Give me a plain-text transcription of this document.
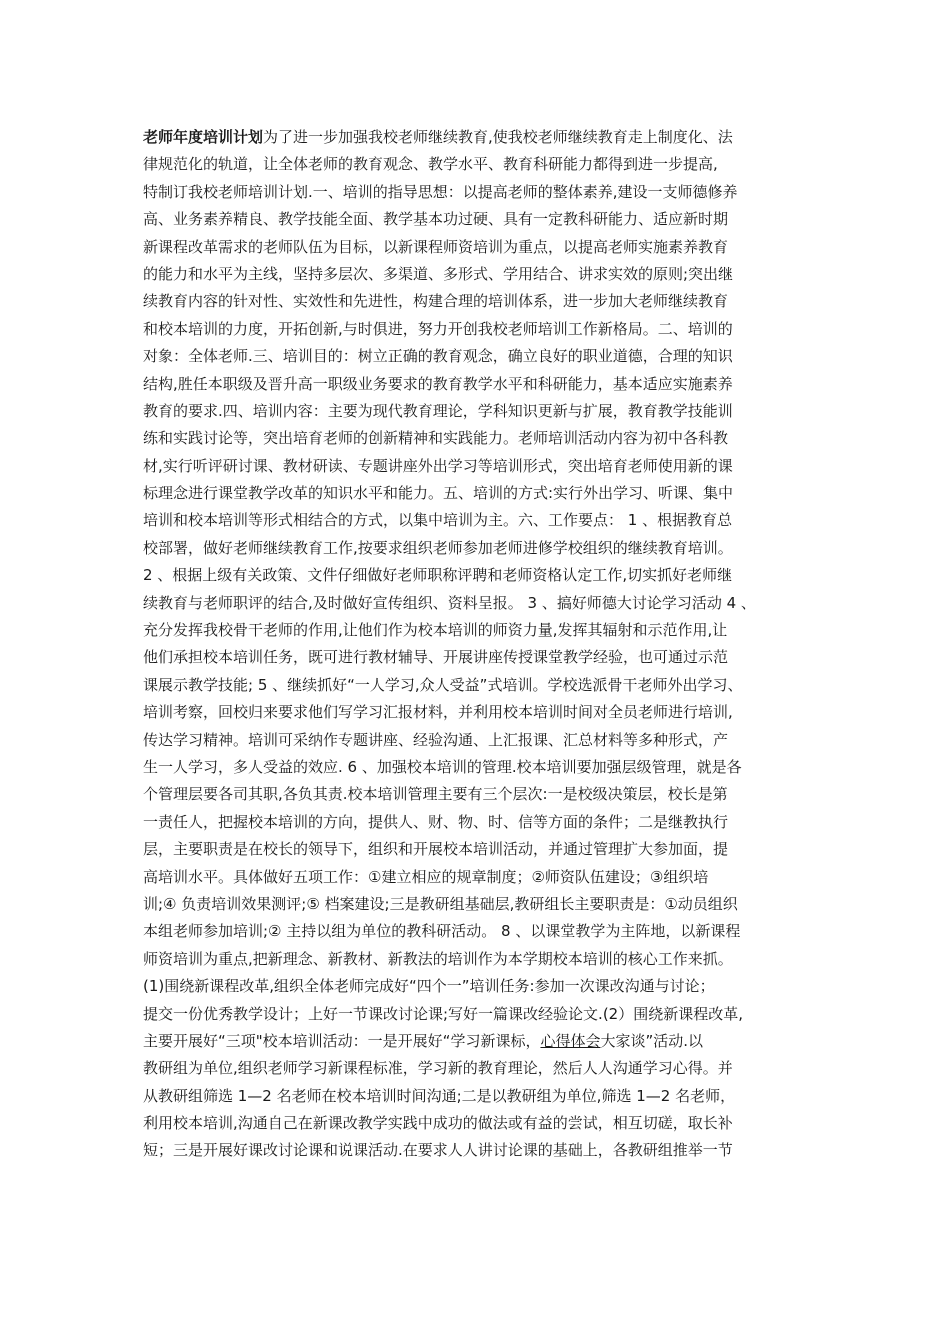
老师年度培训计划为了进一步加强我校老师继续教育,使我校老师继续教育走上制度化、法
律规范化的轨道，让全体老师的教育观念、教学水平、教育科研能力都得到进一步提高,
特制订我校老师培训计划.一、培训的指导思想：以提高老师的整体素养,建设一支师德修养
高、业务素养精良、教学技能全面、教学基本功过硬、具有一定教科研能力、适应新时期
新课程改革需求的老师队伍为目标，以新课程师资培训为重点，以提高老师实施素养教育
的能力和水平为主线，坚持多层次、多渠道、多形式、学用结合、讲求实效的原则;突出继
续教育内容的针对性、实效性和先进性，构建合理的培训体系，进一步加大老师继续教育
和校本培训的力度，开拓创新,与时俱进，努力开创我校老师培训工作新格局。二、培训的
对象：全体老师.三、培训目的：树立正确的教育观念，确立良好的职业道德，合理的知识
结构,胜任本职级及晋升高一职级业务要求的教育教学水平和科研能力，基本适应实施素养
教育的要求.四、培训内容：主要为现代教育理论，学科知识更新与扩展，教育教学技能训
练和实践讨论等，突出培育老师的创新精神和实践能力。老师培训活动内容为初中各科教
材,实行听评研讨课、教材研读、专题讲座外出学习等培训形式，突出培育老师使用新的课
标理念进行课堂教学改革的知识水平和能力。五、培训的方式:实行外出学习、听课、集中
培训和校本培训等形式相结合的方式，以集中培训为主。六、工作要点： 1 、根据教育总
校部署，做好老师继续教育工作,按要求组织老师参加老师进修学校组织的继续教育培训。
2 、根据上级有关政策、文件仔细做好老师职称评聘和老师资格认定工作,切实抓好老师继
续教育与老师职评的结合,及时做好宣传组织、资料呈报。 3 、搞好师德大讨论学习活动 4 、
充分发挥我校骨干老师的作用,让他们作为校本培训的师资力量,发挥其辐射和示范作用,让
他们承担校本培训任务，既可进行教材辅导、开展讲座传授课堂教学经验，也可通过示范
课展示教学技能; 5 、继续抓好“一人学习,众人受益”式培训。学校选派骨干老师外出学习、
培训考察，回校归来要求他们写学习汇报材料，并利用校本培训时间对全员老师进行培训,
传达学习精神。培训可采纳作专题讲座、经验沟通、上汇报课、汇总材料等多种形式，产
生一人学习，多人受益的效应. 6 、加强校本培训的管理.校本培训要加强层级管理，就是各
个管理层要各司其职,各负其责.校本培训管理主要有三个层次:一是校级决策层，校长是第
一责任人，把握校本培训的方向，提供人、财、物、时、信等方面的条件；二是继教执行
层，主要职责是在校长的领导下，组织和开展校本培训活动，并通过管理扩大参加面，提
高培训水平。具体做好五项工作：①建立相应的规章制度；②师资队伍建设；③组织培
训;④ 负责培训效果测评;⑤ 档案建设;三是教研组基础层,教研组长主要职责是：①动员组织
本组老师参加培训;② 主持以组为单位的教科研活动。 8 、以课堂教学为主阵地，以新课程
师资培训为重点,把新理念、新教材、新教法的培训作为本学期校本培训的核心工作来抓。
(1)围绕新课程改革,组织全体老师完成好“四个一”培训任务:参加一次课改沟通与讨论；
提交一份优秀教学设计；上好一节课改讨论课;写好一篇课改经验论文.(2）围绕新课程改革,
主要开展好“三项"校本培训活动：一是开展好“学习新课标，心得体会大家谈”活动.以
教研组为单位,组织老师学习新课程标准，学习新的教育理论，然后人人沟通学习心得。并
从教研组筛选 1—2 名老师在校本培训时间沟通;二是以教研组为单位,筛选 1—2 名老师，
利用校本培训,沟通自己在新课改教学实践中成功的做法或有益的尝试，相互切磋，取长补
短；三是开展好课改讨论课和说课活动.在要求人人讲讨论课的基础上，各教研组推举一节
